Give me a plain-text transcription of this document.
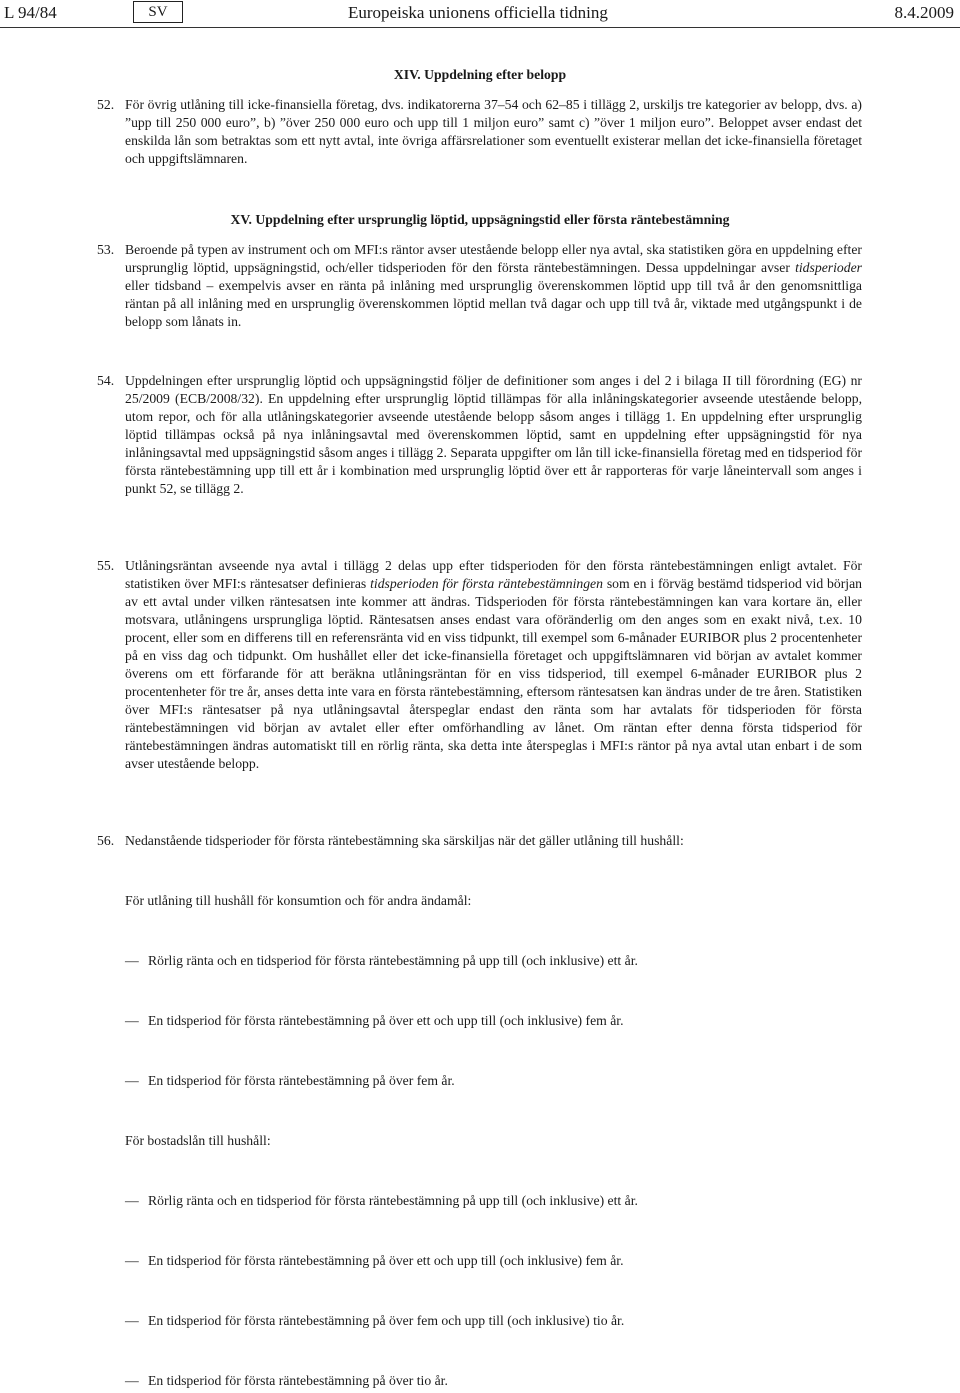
L 94/84	SV	Europeiska unionens officiella tidning	8.4.2009
XIV. Uppdelning efter belopp
52. För övrig utlåning till icke-finansiella företag, dvs. indikatorerna 37–54 och 62–85 i tillägg 2, urskiljs tre kategorier av belopp, dvs. a) ”upp till 250 000 euro”, b) ”över 250 000 euro och upp till 1 miljon euro” samt c) ”över 1 miljon euro”. Beloppet avser endast det enskilda lån som betraktas som ett nytt avtal, inte övriga affärsrelationer som eventuellt existerar mellan det icke-finansiella företaget och uppgiftslämnaren.
XV. Uppdelning efter ursprunglig löptid, uppsägningstid eller första räntebestämning
53. Beroende på typen av instrument och om MFI:s räntor avser utestående belopp eller nya avtal, ska statistiken göra en uppdelning efter ursprunglig löptid, uppsägningstid, och/eller tidsperioden för den första räntebestämningen. Dessa uppdelningar avser tidsperioder eller tidsband – exempelvis avser en ränta på inlåning med ursprunglig överenskommen löptid upp till två år den genomsnittliga räntan på all inlåning med en ursprunglig överenskommen löptid mellan två dagar och upp till två år, viktade med utgångspunkt i de belopp som lånats in.
54. Uppdelningen efter ursprunglig löptid och uppsägningstid följer de definitioner som anges i del 2 i bilaga II till förordning (EG) nr 25/2009 (ECB/2008/32). En uppdelning efter ursprunglig löptid tillämpas för alla inlåningskategorier avseende utestående belopp, utom repor, och för alla utlåningskategorier avseende utestående belopp såsom anges i tillägg 1. En uppdelning efter ursprunglig löptid tillämpas också på nya inlåningsavtal med överenskommen löptid, samt en uppdelning efter uppsägningstid för nya inlåningsavtal med uppsägningstid såsom anges i tillägg 2. Separata uppgifter om lån till icke-finansiella företag med en tidsperiod för första räntebestämning upp till ett år i kombination med ursprunglig löptid över ett år rapporteras för varje låneintervall som anges i punkt 52, se tillägg 2.
55. Utlåningsräntan avseende nya avtal i tillägg 2 delas upp efter tidsperioden för den första räntebestämningen enligt avtalet. För statistiken över MFI:s räntesatser definieras tidsperioden för första räntebestämningen som en i förväg bestämd tidsperiod vid början av ett avtal under vilken räntesatsen inte kommer att ändras. Tidsperioden för första räntebestämningen kan vara kortare än, eller motsvara, utlåningens ursprungliga löptid. Räntesatsen anses endast vara oföränderlig om den anges som en exakt nivå, t.ex. 10 procent, eller som en differens till en referensränta vid en viss tidpunkt, till exempel som 6-månader EURIBOR plus 2 procentenheter på en viss dag och tidpunkt. Om hushållet eller det icke-finansiella företaget och uppgiftslämnaren vid början av avtalet kommer överens om ett förfarande för att beräkna utlåningsräntan för en viss tidsperiod, till exempel 6-månader EURIBOR plus 2 procentenheter för tre år, anses detta inte vara en första räntebestämning, eftersom räntesatsen kan ändras under de tre åren. Statistiken över MFI:s räntesatser på nya utlåningsavtal återspeglar endast den ränta som har avtalats för tidsperioden för första räntebestämningen vid början av avtalet eller efter omförhandling av lånet. Om räntan efter denna första tidsperiod för räntebestämningen ändras automatiskt till en rörlig ränta, ska detta inte återspeglas i MFI:s räntor på nya avtal utan enbart i de som avser utestående belopp.
56. Nedanstående tidsperioder för första räntebestämning ska särskiljas när det gäller utlåning till hushåll:
För utlåning till hushåll för konsumtion och för andra ändamål:
— Rörlig ränta och en tidsperiod för första räntebestämning på upp till (och inklusive) ett år.
— En tidsperiod för första räntebestämning på över ett och upp till (och inklusive) fem år.
— En tidsperiod för första räntebestämning på över fem år.
För bostadslån till hushåll:
— Rörlig ränta och en tidsperiod för första räntebestämning på upp till (och inklusive) ett år.
— En tidsperiod för första räntebestämning på över ett och upp till (och inklusive) fem år.
— En tidsperiod för första räntebestämning på över fem och upp till (och inklusive) tio år.
— En tidsperiod för första räntebestämning på över tio år.
